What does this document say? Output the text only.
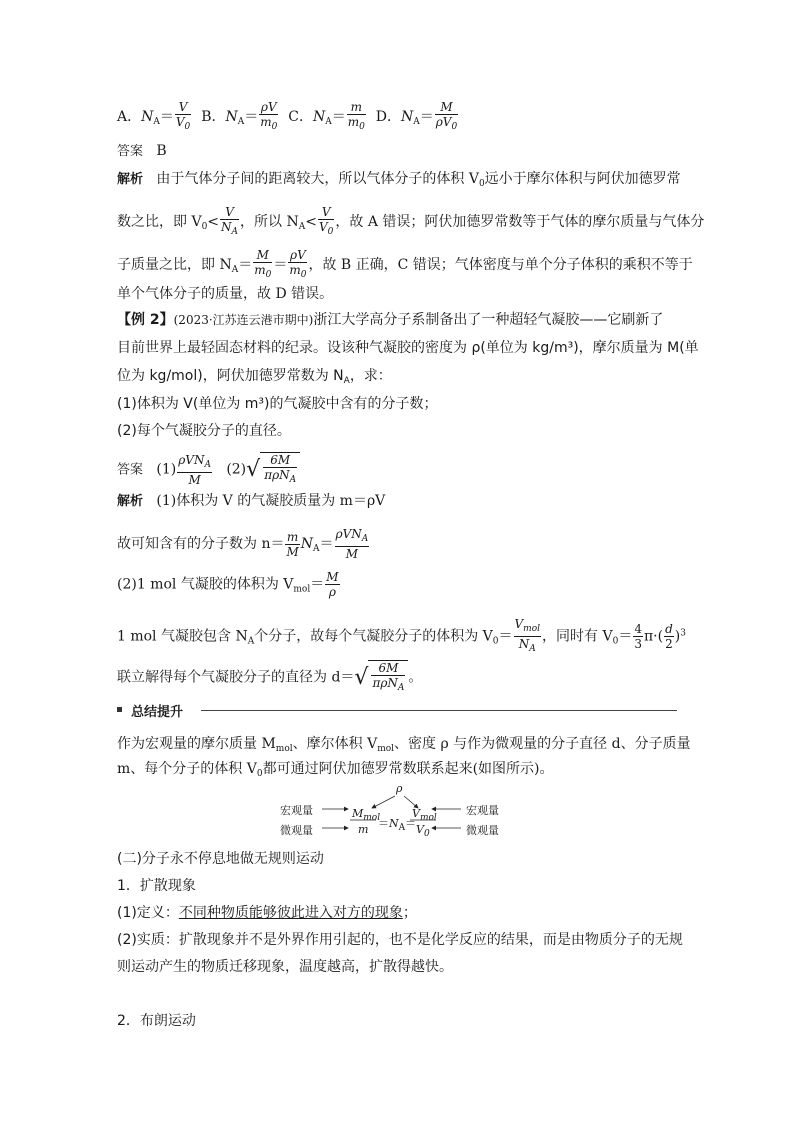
A．$N_A= \frac{V}{V_0}$ B．$N_A= \frac{\rho V}{m_0}$ C．$N_A= \frac{m}{m_0}$ D．$N_A= \frac{M}{\rho V_0}$
答案 B
解析 由于气体分子间的距离较大，所以气体分子的体积 $V_0$远小于摩尔体积与阿伏加德罗常
数之比，即 $V_0< \frac{V}{N_A}$ ，所以 $N_A< \frac{V}{V_0}$ ，故 A 错误；阿伏加德罗常数等于气体的摩尔质量与气体分
子质量之比，即 $N_A= \frac{M}{m_0} = \frac{\rho V}{m_0}$ ，故 B 正确，C 错误；气体密度与单个分子体积的乘积不等于
单个气体分子的质量，故 D 错误。
【例 2】(2023·江苏连云港市期中)浙江大学高分子系制备出了一种超轻气凝胶——它刷新了
目前世界上最轻固态材料的纪录。设该种气凝胶的密度为 ρ(单位为 kg/m³)，摩尔质量为 M(单
位为 kg/mol)，阿伏加德罗常数为 $N_A$，求：
(1)体积为 V(单位为 m³)的气凝胶中含有的分子数；
(2)每个气凝胶分子的直径。
答案 $(1) \frac{\rho VN_A}{M} (2)√ \frac{6M}{\pi\rho N_A}$
解析 (1)体积为 V 的气凝胶质量为 m＝ρV
故可知含有的分子数为 $n= \frac{m}{M} N_A= \frac{\rho VN_A}{M}$
(2)1 mol 气凝胶的体积为 $V_{mol}= \frac{M}{\rho}$
1 mol 气凝胶包含 $N_A$个分子，故每个气凝胶分子的体积为 $V_0= \frac{V_{mol}}{N_A}$ ，同时有 $V_0= \frac{4}{3} \pi\cdot( \frac{d}{2} )^3$
联立解得每个气凝胶分子的直径为 $d=√ \frac{6M}{\pi\rho N_A}$ 。
总结提升
作为宏观量的摩尔质量 $M_{mol}$、摩尔体积 $V_{mol}$、密度 ρ 与作为微观量的分子直径 d、分子质量
m、每个分子的体积 $V_0$都可通过阿伏加德罗常数联系起来(如图所示)。
宏观量
微观量
ρ
$M_{mol}$
$m =N_A=$
$V_{mol}$
$V_0$
宏观量
微观量
(二)分子永不停息地做无规则运动
1．扩散现象
(1)定义：不同种物质能够彼此进入对方的现象；
(2)实质：扩散现象并不是外界作用引起的，也不是化学反应的结果，而是由物质分子的无规
则运动产生的物质迁移现象，温度越高，扩散得越快。
2．布朗运动
